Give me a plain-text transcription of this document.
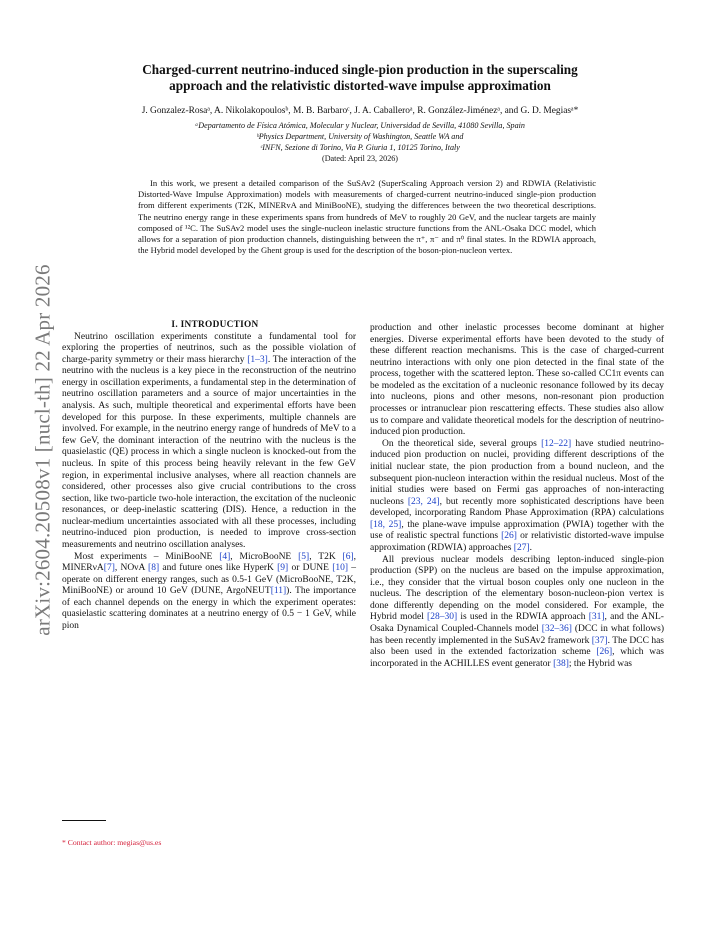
arXiv:2604.20508v1 [nucl-th] 22 Apr 2026
Charged-current neutrino-induced single-pion production in the superscaling
approach and the relativistic distorted-wave impulse approximation
J. Gonzalez-Rosaᵃ, A. Nikolakopoulosᵇ, M. B. Barbaroᶜ, J. A. Caballeroᵃ, R. González-Jiménezᵃ, and G. D. Megiasᵃ*
ᵃDepartamento de Física Atómica, Molecular y Nuclear, Universidad de Sevilla, 41080 Sevilla, Spain
ᵇPhysics Department, University of Washington, Seattle WA and
ᶜINFN, Sezione di Torino, Via P. Giuria 1, 10125 Torino, Italy
(Dated: April 23, 2026)
In this work, we present a detailed comparison of the SuSAv2 (SuperScaling Approach version 2) and RDWIA (Relativistic Distorted-Wave Impulse Approximation) models with measurements of charged-current neutrino-induced single-pion production from different experiments (T2K, MINERvA and MiniBooNE), studying the differences between the two theoretical descriptions. The neutrino energy range in these experiments spans from hundreds of MeV to roughly 20 GeV, and the nuclear targets are mainly composed of ¹²C. The SuSAv2 model uses the single-nucleon inelastic structure functions from the ANL-Osaka DCC model, which allows for a separation of pion production channels, distinguishing between the π⁺, π⁻ and π⁰ final states. In the RDWIA approach, the Hybrid model developed by the Ghent group is used for the description of the boson-pion-nucleon vertex.

I. INTRODUCTION

Neutrino oscillation experiments constitute a fundamental tool for exploring the properties of neutrinos, such as the possible violation of charge-parity symmetry or their mass hierarchy [1–3]. The interaction of the neutrino with the nucleus is a key piece in the reconstruction of the neutrino energy in oscillation experiments, a fundamental step in the determination of neutrino oscillation parameters and a source of major uncertainties in the analysis. As such, multiple theoretical and experimental efforts have been developed for this purpose. In these experiments, multiple channels are involved. For example, in the neutrino energy range of hundreds of MeV to a few GeV, the dominant interaction of the neutrino with the nucleus is the quasielastic (QE) process in which a single nucleon is knocked-out from the nucleus. In spite of this process being heavily relevant in the few GeV region, in experimental inclusive analyses, where all reaction channels are considered, other processes also give crucial contributions to the cross section, like two-particle two-hole interaction, the excitation of the nucleonic resonances, or deep-inelastic scattering (DIS). Hence, a reduction in the nuclear-medium uncertainties associated with all these processes, including neutrino-induced pion production, is needed to improve cross-section measurements and neutrino oscillation analyses.

Most experiments – MiniBooNE [4], MicroBooNE [5], T2K [6], MINERνA[7], NOνA [8] and future ones like HyperK [9] or DUNE [10] – operate on different energy ranges, such as 0.5-1 GeV (MicroBooNE, T2K, MiniBooNE) or around 10 GeV (DUNE, ArgoNEUT[11]). The importance of each channel depends on the energy in which the experiment operates: quasielastic scattering dominates at a neutrino energy of 0.5 − 1 GeV, while pion

production and other inelastic processes become dominant at higher energies. Diverse experimental efforts have been devoted to the study of these different reaction mechanisms. This is the case of charged-current neutrino interactions with only one pion detected in the final state of the process, together with the scattered lepton. These so-called CC1π events can be modeled as the excitation of a nucleonic resonance followed by its decay into nucleons, pions and other mesons, non-resonant pion production processes or intranuclear pion rescattering effects. These studies also allow us to compare and validate theoretical models for the description of neutrino-induced pion production.

On the theoretical side, several groups [12–22] have studied neutrino-induced pion production on nuclei, providing different descriptions of the initial nuclear state, the pion production from a bound nucleon, and the subsequent pion-nucleon interaction within the residual nucleus. Most of the initial studies were based on Fermi gas approaches of non-interacting nucleons [23, 24], but recently more sophisticated descriptions have been developed, incorporating Random Phase Approximation (RPA) calculations [18, 25], the plane-wave impulse approximation (PWIA) together with the use of realistic spectral functions [26] or relativistic distorted-wave impulse approximation (RDWIA) approaches [27].

All previous nuclear models describing lepton-induced single-pion production (SPP) on the nucleus are based on the impulse approximation, i.e., they consider that the virtual boson couples only one nucleon in the nucleus. The description of the elementary boson-nucleon-pion vertex is done differently depending on the model considered. For example, the Hybrid model [28–30] is used in the RDWIA approach [31], and the ANL-Osaka Dynamical Coupled-Channels model [32–36] (DCC in what follows) has been recently implemented in the SuSAv2 framework [37]. The DCC has also been used in the extended factorization scheme [26], which was incorporated in the ACHILLES event generator [38]; the Hybrid was

* Contact author: megias@us.es
